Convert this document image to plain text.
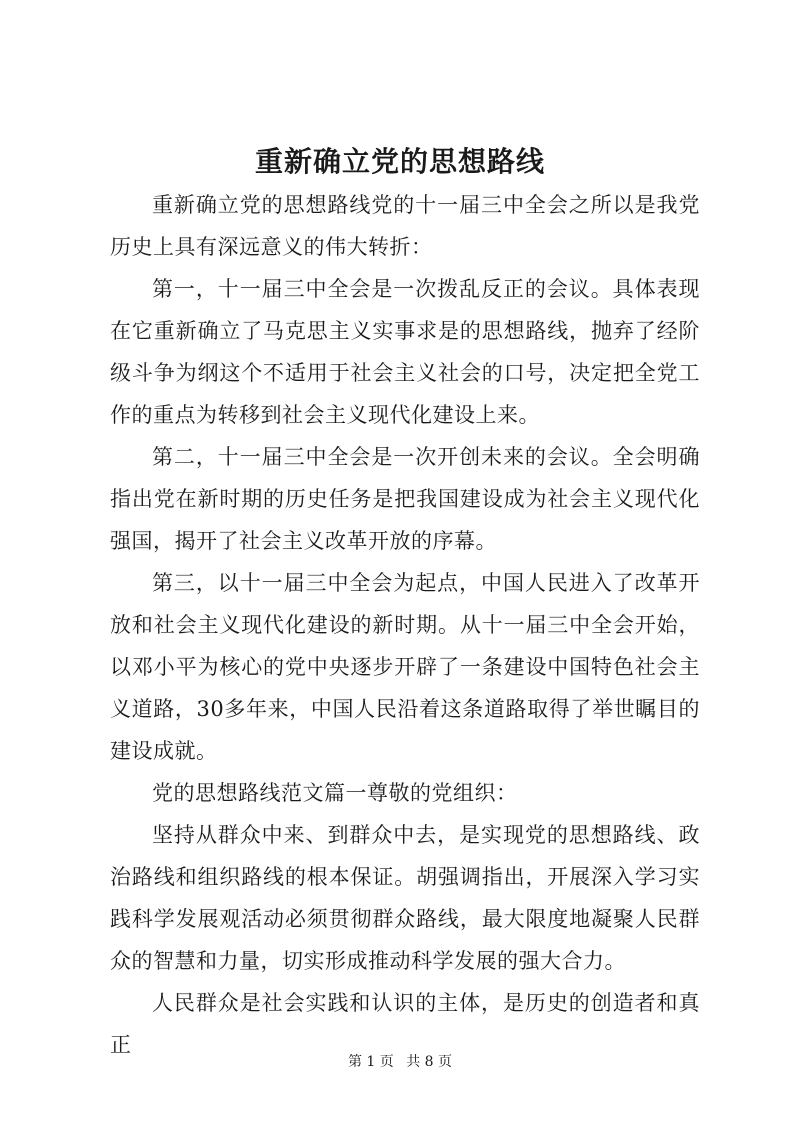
重新确立党的思想路线

重新确立党的思想路线党的十一届三中全会之所以是我党历史上具有深远意义的伟大转折：

第一，十一届三中全会是一次拨乱反正的会议。具体表现在它重新确立了马克思主义实事求是的思想路线，抛弃了经阶级斗争为纲这个不适用于社会主义社会的口号，决定把全党工作的重点为转移到社会主义现代化建设上来。

第二，十一届三中全会是一次开创未来的会议。全会明确指出党在新时期的历史任务是把我国建设成为社会主义现代化强国，揭开了社会主义改革开放的序幕。

第三，以十一届三中全会为起点，中国人民进入了改革开放和社会主义现代化建设的新时期。从十一届三中全会开始，以邓小平为核心的党中央逐步开辟了一条建设中国特色社会主义道路，30多年来，中国人民沿着这条道路取得了举世瞩目的建设成就。

党的思想路线范文篇一尊敬的党组织：

坚持从群众中来、到群众中去，是实现党的思想路线、政治路线和组织路线的根本保证。胡强调指出，开展深入学习实践科学发展观活动必须贯彻群众路线，最大限度地凝聚人民群众的智慧和力量，切实形成推动科学发展的强大合力。

人民群众是社会实践和认识的主体，是历史的创造者和真正

第 1 页 共 8 页
